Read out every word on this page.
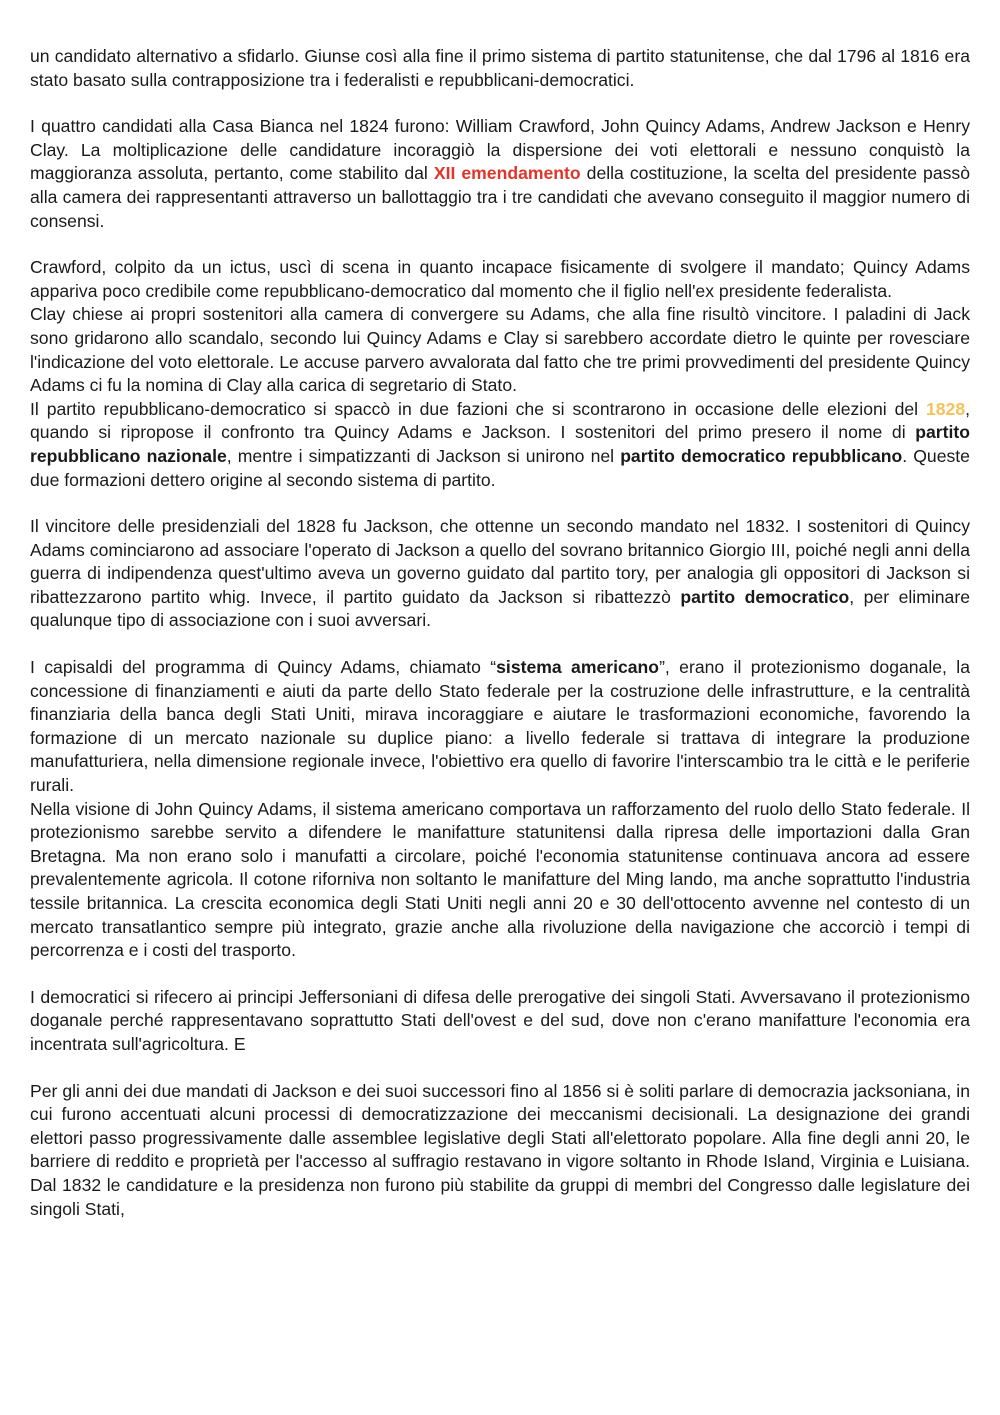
un candidato alternativo a sfidarlo. Giunse così alla fine il primo sistema di partito statunitense, che dal 1796 al 1816 era stato basato sulla contrapposizione tra i federalisti e repubblicani-democratici.

I quattro candidati alla Casa Bianca nel 1824 furono: William Crawford, John Quincy Adams, Andrew Jackson e Henry Clay. La moltiplicazione delle candidature incoraggiò la dispersione dei voti elettorali e nessuno conquistò la maggioranza assoluta, pertanto, come stabilito dal XII emendamento della costituzione, la scelta del presidente passò alla camera dei rappresentanti attraverso un ballottaggio tra i tre candidati che avevano conseguito il maggior numero di consensi.

Crawford, colpito da un ictus, uscì di scena in quanto incapace fisicamente di svolgere il mandato; Quincy Adams appariva poco credibile come repubblicano-democratico dal momento che il figlio nell'ex presidente federalista.

Clay chiese ai propri sostenitori alla camera di convergere su Adams, che alla fine risultò vincitore. I paladini di Jack sono gridarono allo scandalo, secondo lui Quincy Adams e Clay si sarebbero accordate dietro le quinte per rovesciare l'indicazione del voto elettorale. Le accuse parvero avvalorata dal fatto che tre primi provvedimenti del presidente Quincy Adams ci fu la nomina di Clay alla carica di segretario di Stato.

Il partito repubblicano-democratico si spaccò in due fazioni che si scontrarono in occasione delle elezioni del 1828, quando si ripropose il confronto tra Quincy Adams e Jackson. I sostenitori del primo presero il nome di partito repubblicano nazionale, mentre i simpatizzanti di Jackson si unirono nel partito democratico repubblicano. Queste due formazioni dettero origine al secondo sistema di partito.

Il vincitore delle presidenziali del 1828 fu Jackson, che ottenne un secondo mandato nel 1832. I sostenitori di Quincy Adams cominciarono ad associare l'operato di Jackson a quello del sovrano britannico Giorgio III, poiché negli anni della guerra di indipendenza quest'ultimo aveva un governo guidato dal partito tory, per analogia gli oppositori di Jackson si ribattezzarono partito whig. Invece, il partito guidato da Jackson si ribattezzò partito democratico, per eliminare qualunque tipo di associazione con i suoi avversari.

I capisaldi del programma di Quincy Adams, chiamato “sistema americano”, erano il protezionismo doganale, la concessione di finanziamenti e aiuti da parte dello Stato federale per la costruzione delle infrastrutture, e la centralità finanziaria della banca degli Stati Uniti, mirava incoraggiare e aiutare le trasformazioni economiche, favorendo la formazione di un mercato nazionale su duplice piano: a livello federale si trattava di integrare la produzione manufatturiera, nella dimensione regionale invece, l'obiettivo era quello di favorire l'interscambio tra le città e le periferie rurali.

Nella visione di John Quincy Adams, il sistema americano comportava un rafforzamento del ruolo dello Stato federale. Il protezionismo sarebbe servito a difendere le manifatture statunitensi dalla ripresa delle importazioni dalla Gran Bretagna. Ma non erano solo i manufatti a circolare, poiché l'economia statunitense continuava ancora ad essere prevalentemente agricola. Il cotone riforniva non soltanto le manifatture del Ming lando, ma anche soprattutto l'industria tessile britannica. La crescita economica degli Stati Uniti negli anni 20 e 30 dell'ottocento avvenne nel contesto di un mercato transatlantico sempre più integrato, grazie anche alla rivoluzione della navigazione che accorciò i tempi di percorrenza e i costi del trasporto.

I democratici si rifecero ai principi Jeffersoniani di difesa delle prerogative dei singoli Stati. Avversavano il protezionismo doganale perché rappresentavano soprattutto Stati dell'ovest e del sud, dove non c'erano manifatture l'economia era incentrata sull'agricoltura. E

Per gli anni dei due mandati di Jackson e dei suoi successori fino al 1856 si è soliti parlare di democrazia jacksoniana, in cui furono accentuati alcuni processi di democratizzazione dei meccanismi decisionali. La designazione dei grandi elettori passo progressivamente dalle assemblee legislative degli Stati all'elettorato popolare. Alla fine degli anni 20, le barriere di reddito e proprietà per l'accesso al suffragio restavano in vigore soltanto in Rhode Island, Virginia e Luisiana. Dal 1832 le candidature e la presidenza non furono più stabilite da gruppi di membri del Congresso dalle legislature dei singoli Stati,
